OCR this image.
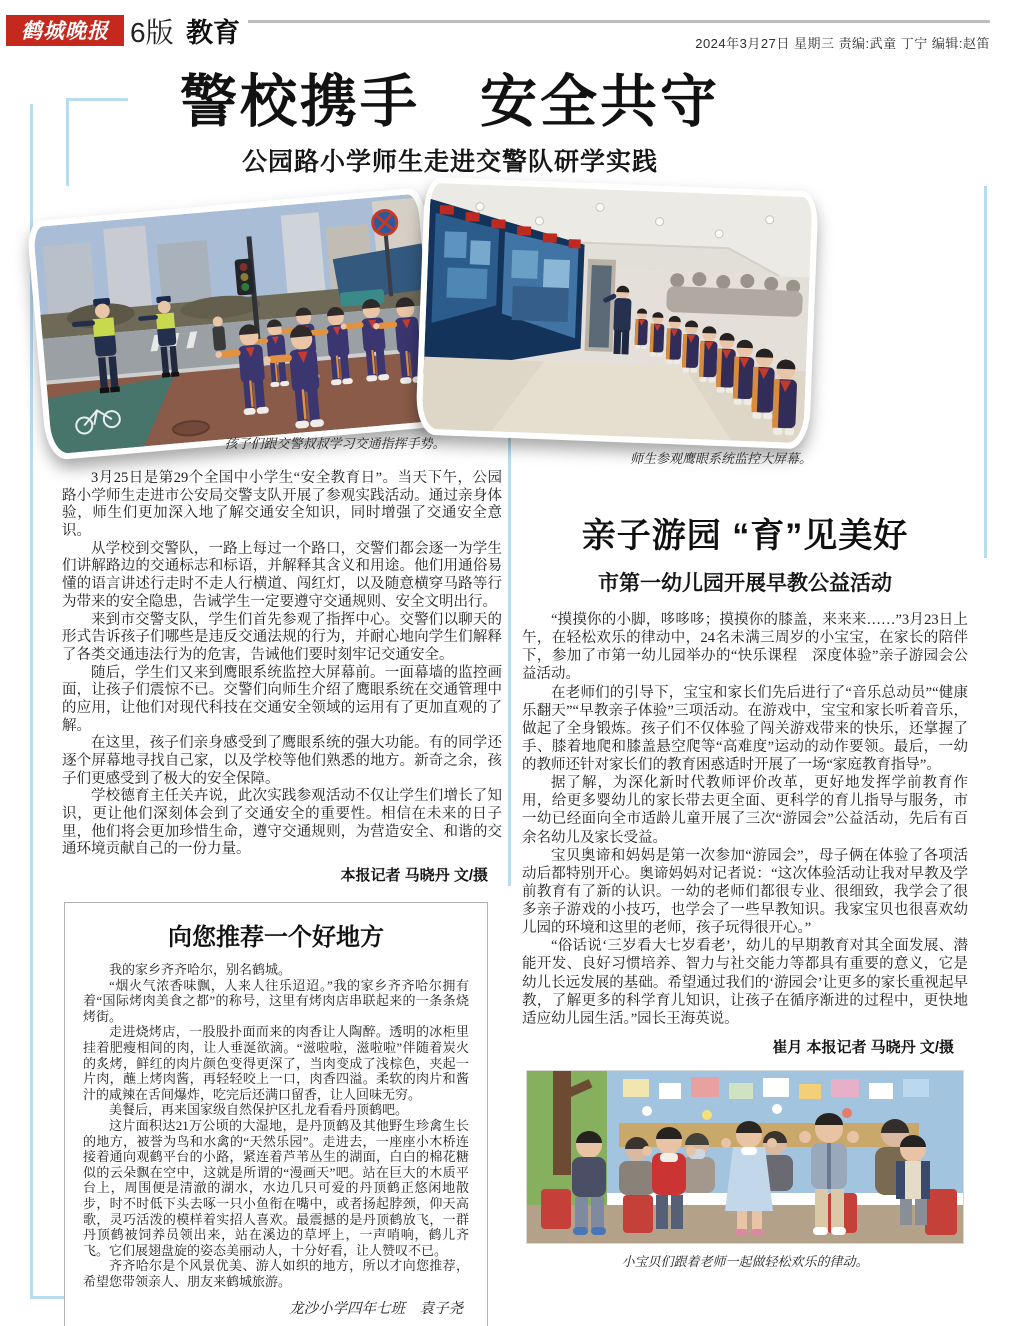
鹤城晚报 6版 教育	2024年3月27日 星期三 责编:武童 丁宁 编辑:赵笛
警校携手　安全共守
公园路小学师生走进交警队研学实践
孩子们跟交警叔叔学习交通指挥手势。
师生参观鹰眼系统监控大屏幕。

3月25日是第29个全国中小学生“安全教育日”。当天下午，公园路小学师生走进市公安局交警支队开展了参观实践活动。通过亲身体验，师生们更加深入地了解交通安全知识，同时增强了交通安全意识。

从学校到交警队，一路上每过一个路口，交警们都会逐一为学生们讲解路边的交通标志和标语，并解释其含义和用途。他们用通俗易懂的语言讲述行走时不走人行横道、闯红灯，以及随意横穿马路等行为带来的安全隐患，告诫学生一定要遵守交通规则、安全文明出行。

来到市交警支队，学生们首先参观了指挥中心。交警们以聊天的形式告诉孩子们哪些是违反交通法规的行为，并耐心地向学生们解释了各类交通违法行为的危害，告诫他们要时刻牢记交通安全。

随后，学生们又来到鹰眼系统监控大屏幕前。一面幕墙的监控画面，让孩子们震惊不已。交警们向师生介绍了鹰眼系统在交通管理中的应用，让他们对现代科技在交通安全领域的运用有了更加直观的了解。

在这里，孩子们亲身感受到了鹰眼系统的强大功能。有的同学还逐个屏幕地寻找自己家，以及学校等他们熟悉的地方。新奇之余，孩子们更感受到了极大的安全保障。

学校德育主任关卉说，此次实践参观活动不仅让学生们增长了知识，更让他们深刻体会到了交通安全的重要性。相信在未来的日子里，他们将会更加珍惜生命，遵守交通规则，为营造安全、和谐的交通环境贡献自己的一份力量。

本报记者 马晓丹 文/摄
亲子游园 “育”见美好
市第一幼儿园开展早教公益活动

“摸摸你的小脚，哆哆哆；摸摸你的膝盖，来来来……”3月23日上午，在轻松欢乐的律动中，24名未满三周岁的小宝宝，在家长的陪伴下，参加了市第一幼儿园举办的“快乐课程　深度体验”亲子游园会公益活动。

在老师们的引导下，宝宝和家长们先后进行了“音乐总动员”“健康乐翻天”“早教亲子体验”三项活动。在游戏中，宝宝和家长听着音乐，做起了全身锻炼。孩子们不仅体验了闯关游戏带来的快乐，还掌握了手、膝着地爬和膝盖悬空爬等“高难度”运动的动作要领。最后，一幼的教师还针对家长们的教育困惑适时开展了一场“家庭教育指导”。

据了解，为深化新时代教师评价改革，更好地发挥学前教育作用，给更多婴幼儿的家长带去更全面、更科学的育儿指导与服务，市一幼已经面向全市适龄儿童开展了三次“游园会”公益活动，先后有百余名幼儿及家长受益。

宝贝奥谛和妈妈是第一次参加“游园会”，母子俩在体验了各项活动后都特别开心。奥谛妈妈对记者说：“这次体验活动让我对早教及学前教育有了新的认识。一幼的老师们都很专业、很细致，我学会了很多亲子游戏的小技巧，也学会了一些早教知识。我家宝贝也很喜欢幼儿园的环境和这里的老师，孩子玩得很开心。”

“俗话说‘三岁看大七岁看老’，幼儿的早期教育对其全面发展、潜能开发、良好习惯培养、智力与社交能力等都具有重要的意义，它是幼儿长远发展的基础。希望通过我们的‘游园会’让更多的家长重视起早教，了解更多的科学育儿知识，让孩子在循序渐进的过程中，更快地适应幼儿园生活。”园长王海英说。

崔月 本报记者 马晓丹 文/摄
小宝贝们跟着老师一起做轻松欢乐的律动。
向您推荐一个好地方

我的家乡齐齐哈尔，别名鹤城。

“烟火气浓香味飘，人来人往乐迢迢。”我的家乡齐齐哈尔拥有着“国际烤肉美食之都”的称号，这里有烤肉店串联起来的一条条烧烤街。

走进烧烤店，一股股扑面而来的肉香让人陶醉。透明的冰柜里挂着肥瘦相间的肉，让人垂涎欲滴。“滋啦啦，滋啦啦”伴随着炭火的炙烤，鲜红的肉片颜色变得更深了，当肉变成了浅棕色，夹起一片肉，蘸上烤肉酱，再轻轻咬上一口，肉香四溢。柔软的肉片和酱汁的咸辣在舌间爆炸，吃完后还满口留香，让人回味无穷。

美餐后，再来国家级自然保护区扎龙看看丹顶鹤吧。

这片面积达21万公顷的大湿地，是丹顶鹤及其他野生珍禽生长的地方，被誉为鸟和水禽的“天然乐园”。走进去，一座座小木桥连接着通向观鹤平台的小路，紧连着芦苇丛生的湖面，白白的棉花糖似的云朵飘在空中，这就是所谓的“漫画天”吧。站在巨大的木质平台上，周围便是清澈的湖水，水边几只可爱的丹顶鹤正悠闲地散步，时不时低下头去啄一只小鱼衔在嘴中，或者扬起脖颈，仰天高歌，灵巧活泼的模样着实招人喜欢。最震撼的是丹顶鹤放飞，一群丹顶鹤被饲养员领出来，站在溪边的草坪上，一声哨响，鹤儿齐飞。它们展翅盘旋的姿态美丽动人，十分好看，让人赞叹不已。

齐齐哈尔是个风景优美、游人如织的地方，所以才向您推荐，希望您带领亲人、朋友来鹤城旅游。

龙沙小学四年七班　袁子尧
